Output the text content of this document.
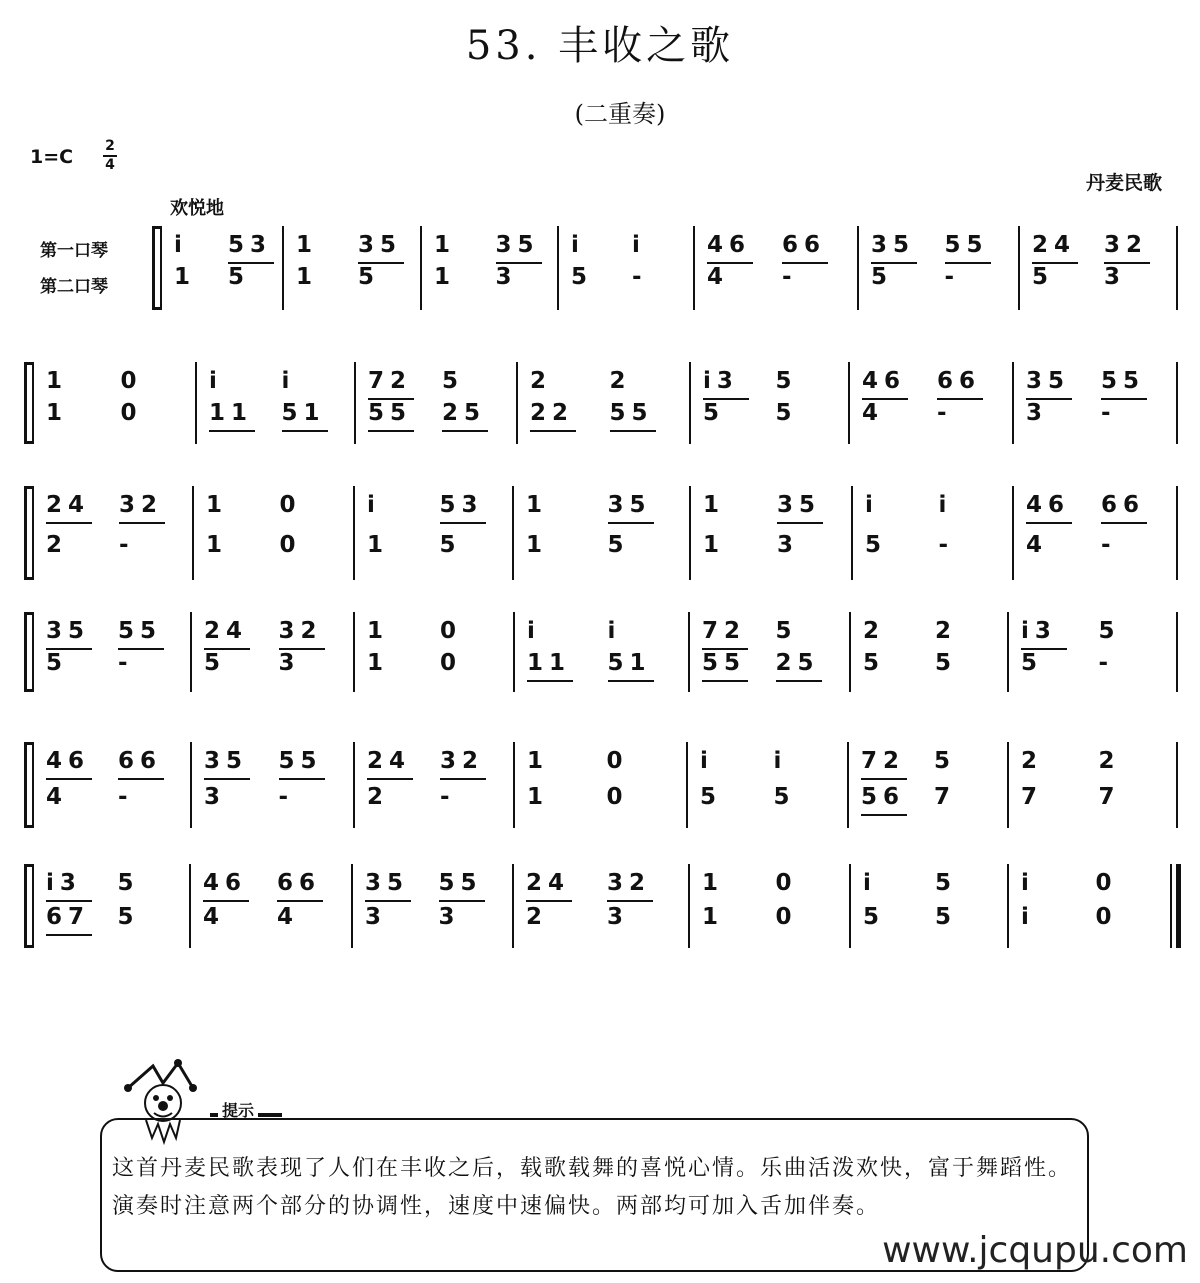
53. 丰收之歌
(二重奏)
1=C	2
4
丹麦民歌
欢悦地
第一口琴
第二口琴
i 53
1 5
1 35
1 5
1 35
1 3
i i
5 -
46 66
4 -
35 55
5 -
24 32
5 3
1 0
1 0
i	i
11 51
72 5
55 25
2 2
22 55
i3 5
5 5
46 66
4 -
35 55
3 -
24 32
2 -
1 0
1 0
i	53
1 5
1	35
1	5
1 35
1 3
i	i
5 -
46 66
4 -
35 55
5 -
24 32
5 3
1 0
1 0
i	i
11 51
72 5
55 25
2 2
5 5
i3 5
5 -
46 66
4 -
35 55
3 -
24 32
2 -
1 0
1 0
i	i
5 5
72 5
56 7
2 2
7 7
i3 5
67 5
46 66
4 4
35 55
3 3
24 32
2	3
1 0
1 0
i	5
5 5
i	0
i	0
提示
这首丹麦民歌表现了人们在丰收之后，载歌载舞的喜悦心情。乐曲活泼欢快，富于舞蹈性。演奏时注意两个部分的协调性，速度中速偏快。两部均可加入舌加伴奏。
www.jcqupu.com
